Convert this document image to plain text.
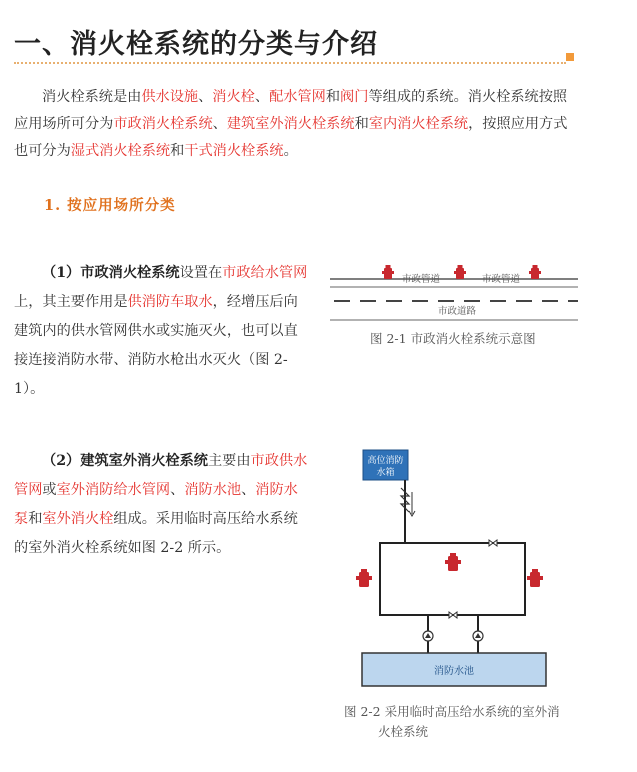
一、消火栓系统的分类与介绍

消火栓系统是由供水设施、消火栓、配水管网和阀门等组成的系统。消火栓系统按照应用场所可分为市政消火栓系统、建筑室外消火栓系统和室内消火栓系统，按照应用方式也可分为湿式消火栓系统和干式消火栓系统。

1. 按应用场所分类

（1）市政消火栓系统设置在市政给水管网上，其主要作用是供消防车取水，经增压后向建筑内的供水管网供水或实施灭火，也可以直接连接消防水带、消防水枪出水灭火（图 2-1）。

（2）建筑室外消火栓系统主要由市政供水管网或室外消防给水管网、消防水池、消防水泵和室外消火栓组成。采用临时高压给水系统的室外消火栓系统如图 2-2 所示。

市政管道	市政管道
市政道路

图 2-1 市政消火栓系统示意图

高位消防
水箱
消防水池

图 2-2 采用临时高压给水系统的室外消
火栓系统
